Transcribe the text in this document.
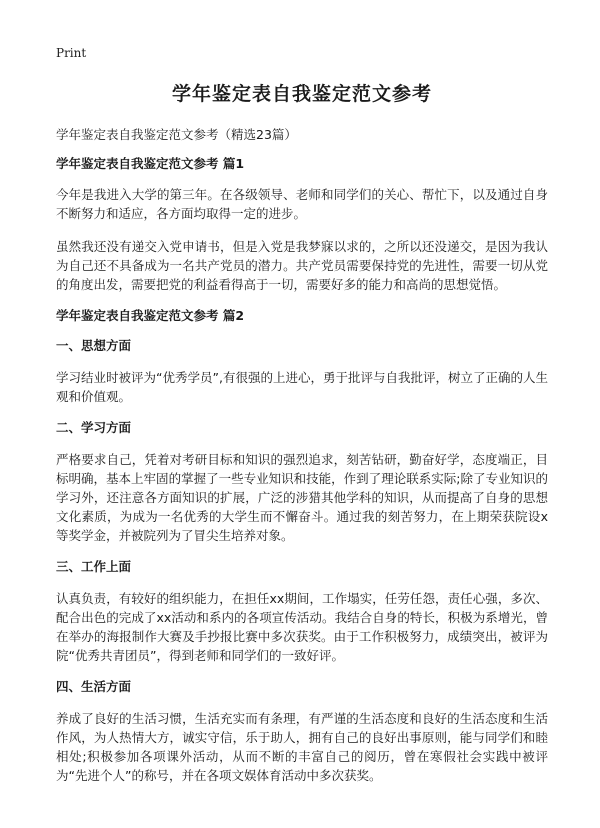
Print
学年鉴定表自我鉴定范文参考
学年鉴定表自我鉴定范文参考（精选23篇）
学年鉴定表自我鉴定范文参考 篇1

今年是我进入大学的第三年。在各级领导、老师和同学们的关心、帮忙下，以及通过自身不断努力和适应，各方面均取得一定的进步。

虽然我还没有递交入党申请书，但是入党是我梦寐以求的，之所以还没递交，是因为我认为自己还不具备成为一名共产党员的潜力。共产党员需要保持党的先进性，需要一切从党的角度出发，需要把党的利益看得高于一切，需要好多的能力和高尚的思想觉悟。

学年鉴定表自我鉴定范文参考 篇2
一、思想方面

学习结业时被评为“优秀学员”,有很强的上进心，勇于批评与自我批评，树立了正确的人生观和价值观。

二、学习方面

严格要求自己，凭着对考研目标和知识的强烈追求，刻苦钻研，勤奋好学，态度端正，目标明确，基本上牢固的掌握了一些专业知识和技能，作到了理论联系实际;除了专业知识的学习外，还注意各方面知识的扩展，广泛的涉猎其他学科的知识，从而提高了自身的思想文化素质，为成为一名优秀的大学生而不懈奋斗。通过我的刻苦努力，在上期荣获院设x等奖学金，并被院列为了冒尖生培养对象。

三、工作上面

认真负责，有较好的组织能力，在担任xx期间，工作塌实，任劳任怨，责任心强，多次、配合出色的完成了xx活动和系内的各项宣传活动。我结合自身的特长，积极为系增光，曾在举办的海报制作大赛及手抄报比赛中多次获奖。由于工作积极努力，成绩突出，被评为院“优秀共青团员”，得到老师和同学们的一致好评。

四、生活方面

养成了良好的生活习惯，生活充实而有条理，有严谨的生活态度和良好的生活态度和生活作风，为人热情大方，诚实守信，乐于助人，拥有自己的良好出事原则，能与同学们和睦相处;积极参加各项课外活动，从而不断的丰富自己的阅历，曾在寒假社会实践中被评为“先进个人”的称号，并在各项文娱体育活动中多次获奖。
